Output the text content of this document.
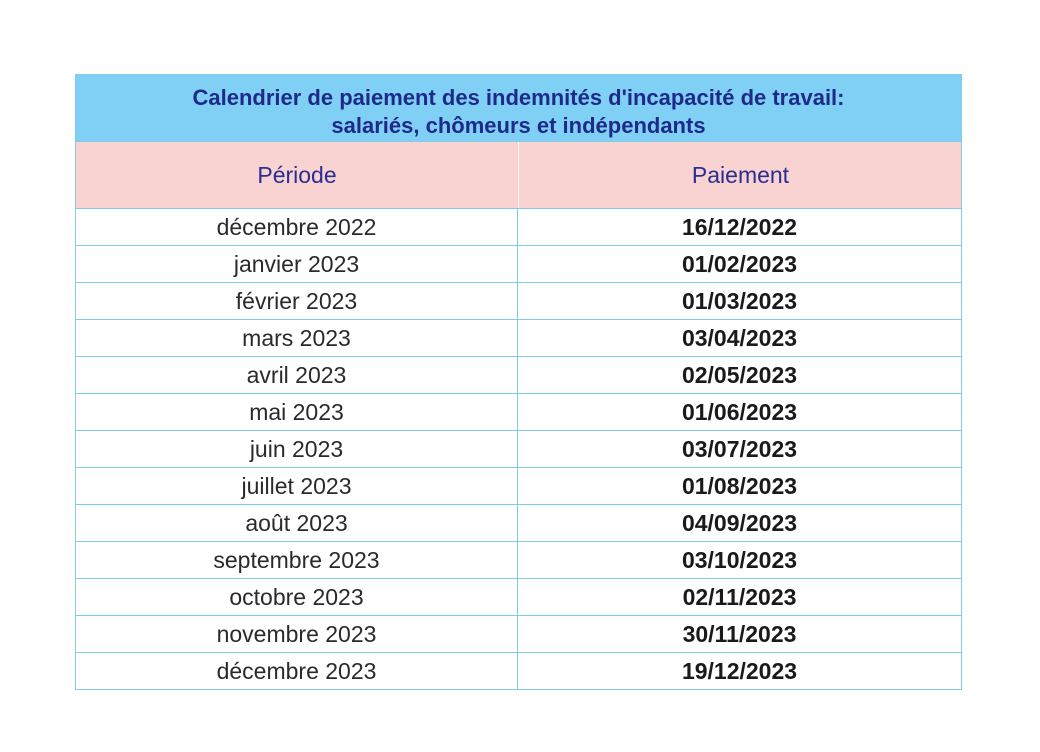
Calendrier de paiement des indemnités d'incapacité de travail:
salariés, chômeurs et indépendants
Période	Paiement
décembre 2022	16/12/2022
janvier 2023	01/02/2023
février 2023	01/03/2023
mars 2023	03/04/2023
avril 2023	02/05/2023
mai 2023	01/06/2023
juin 2023	03/07/2023
juillet 2023	01/08/2023
août 2023	04/09/2023
septembre 2023	03/10/2023
octobre 2023	02/11/2023
novembre 2023	30/11/2023
décembre 2023	19/12/2023
